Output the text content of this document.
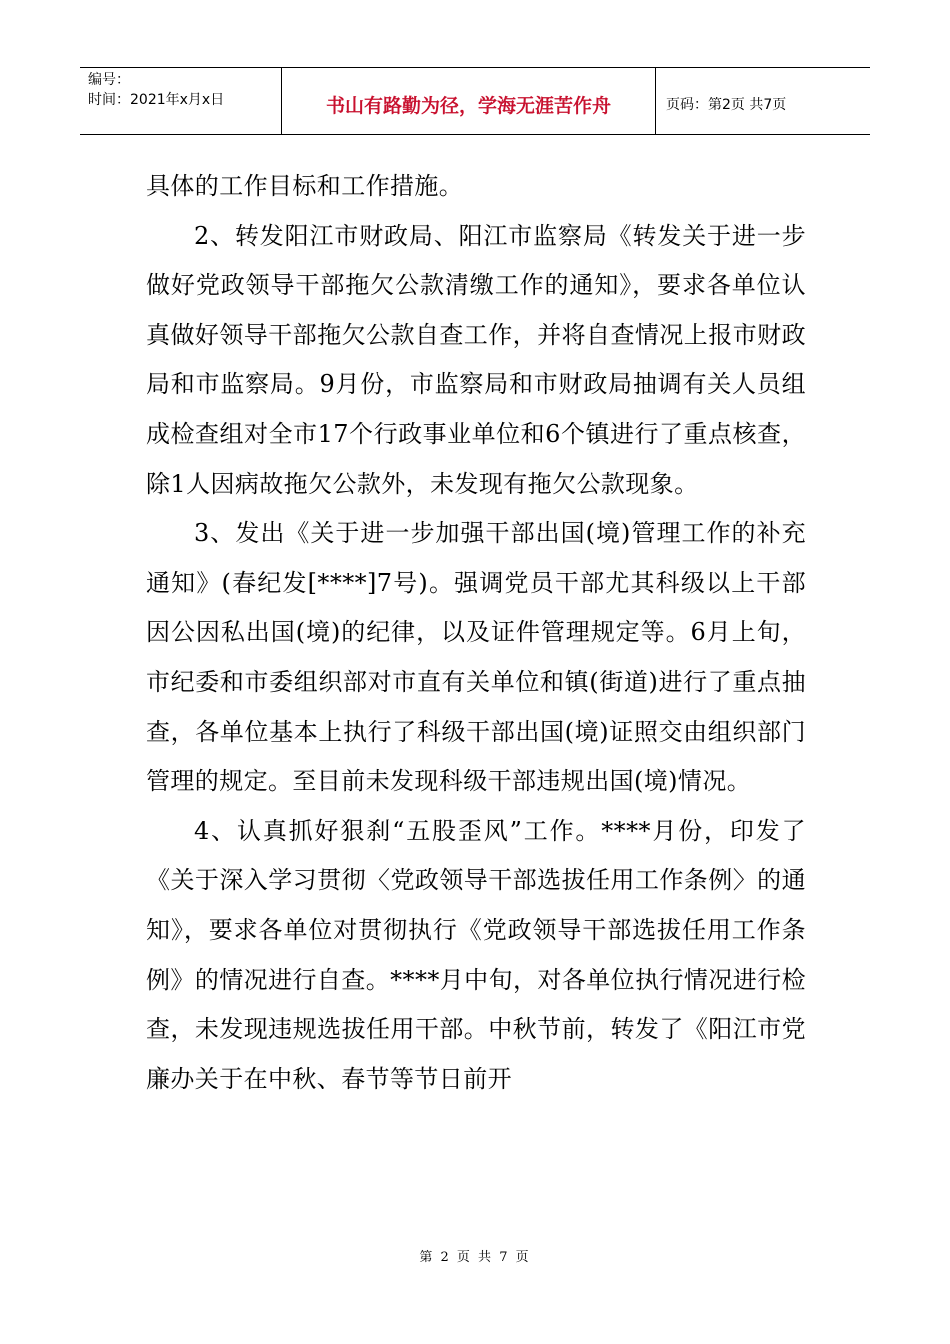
编号：
时间：2021年x月x日	书山有路勤为径，学海无涯苦作舟	页码：第2页 共7页

具体的工作目标和工作措施。

2、转发阳江市财政局、阳江市监察局《转发关于进一步做好党政领导干部拖欠公款清缴工作的通知》，要求各单位认真做好领导干部拖欠公款自查工作，并将自查情况上报市财政局和市监察局。9月份，市监察局和市财政局抽调有关人员组成检查组对全市17个行政事业单位和6个镇进行了重点核查，除1人因病故拖欠公款外，未发现有拖欠公款现象。

3、发出《关于进一步加强干部出国(境)管理工作的补充通知》(春纪发[****]7号)。强调党员干部尤其科级以上干部因公因私出国(境)的纪律，以及证件管理规定等。6月上旬，市纪委和市委组织部对市直有关单位和镇(街道)进行了重点抽查，各单位基本上执行了科级干部出国(境)证照交由组织部门管理的规定。至目前未发现科级干部违规出国(境)情况。

4、认真抓好狠刹“五股歪风”工作。****月份，印发了《关于深入学习贯彻〈党政领导干部选拔任用工作条例〉的通知》，要求各单位对贯彻执行《党政领导干部选拔任用工作条例》的情况进行自查。****月中旬，对各单位执行情况进行检查，未发现违规选拔任用干部。中秋节前，转发了《阳江市党廉办关于在中秋、春节等节日前开

第 2 页 共 7 页
